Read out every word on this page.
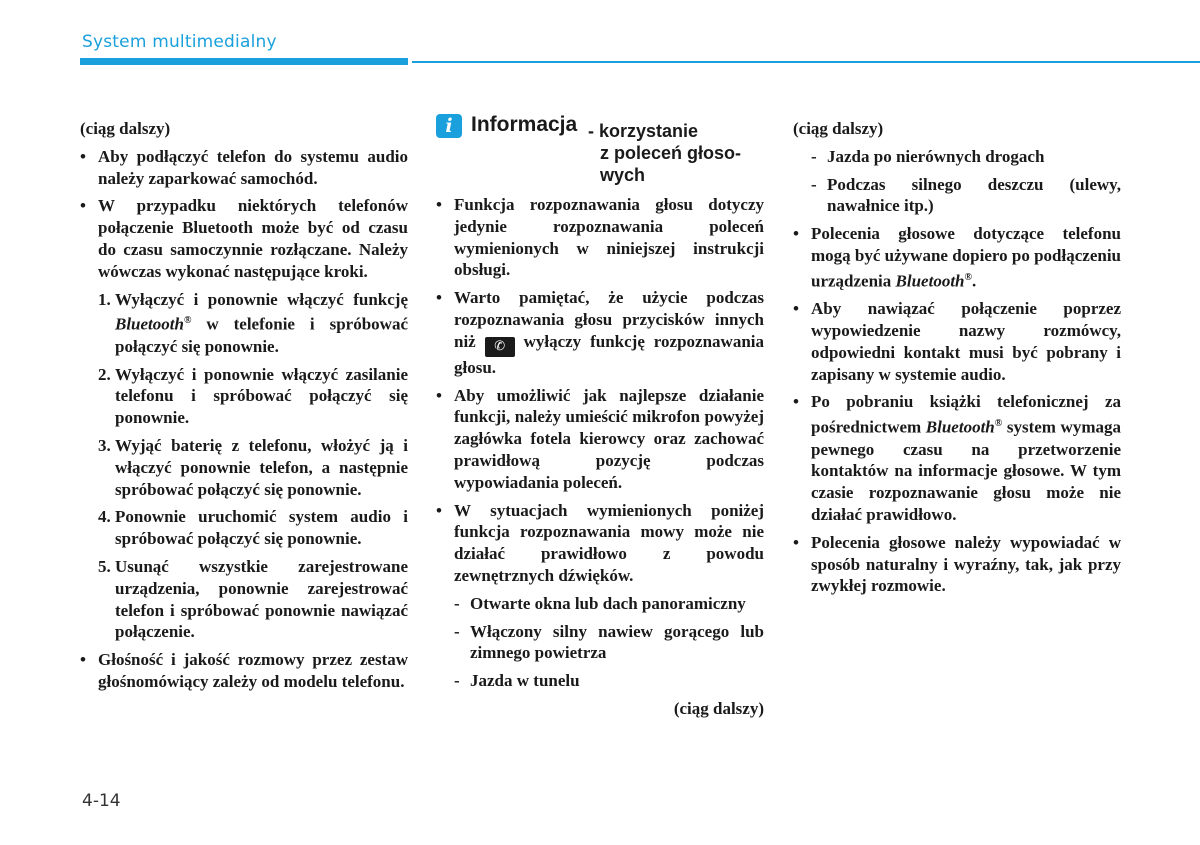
System multimedialny

(ciąg dalszy)

• Aby podłączyć telefon do systemu audio należy zaparkować samochód.

• W przypadku niektórych telefonów połączenie Bluetooth może być od czasu do czasu samoczynnie rozłączane. Należy wówczas wykonać następujące kroki.

1. Wyłączyć i ponownie włączyć funkcję Bluetooth® w telefonie i spróbować połączyć się ponownie.

2. Wyłączyć i ponownie włączyć zasilanie telefonu i spróbować połączyć się ponownie.

3. Wyjąć baterię z telefonu, włożyć ją i włączyć ponownie telefon, a następnie spróbować połączyć się ponownie.

4. Ponownie uruchomić system audio i spróbować połączyć się ponownie.

5. Usunąć wszystkie zarejestrowane urządzenia, ponownie zarejestrować telefon i spróbować ponownie nawiązać połączenie.

• Głośność i jakość rozmowy przez zestaw głośnomówiący zależy od modelu telefonu.

i Informacja - korzystanie
z poleceń głoso-
wych

• Funkcja rozpoznawania głosu dotyczy jedynie rozpoznawania poleceń wymienionych w niniejszej instrukcji obsługi.

• Warto pamiętać, że użycie podczas rozpoznawania głosu przycisków innych niż ✆ wyłączy funkcję rozpoznawania głosu.

• Aby umożliwić jak najlepsze działanie funkcji, należy umieścić mikrofon powyżej zagłówka fotela kierowcy oraz zachować prawidłową pozycję podczas wypowiadania poleceń.

• W sytuacjach wymienionych poniżej funkcja rozpoznawania mowy może nie działać prawidłowo z powodu zewnętrznych dźwięków.

- Otwarte okna lub dach panoramiczny

- Włączony silny nawiew gorącego lub zimnego powietrza

- Jazda w tunelu

(ciąg dalszy)

(ciąg dalszy)

- Jazda po nierównych drogach

- Podczas silnego deszczu (ulewy, nawałnice itp.)

• Polecenia głosowe dotyczące telefonu mogą być używane dopiero po podłączeniu urządzenia Bluetooth®.

• Aby nawiązać połączenie poprzez wypowiedzenie nazwy rozmówcy, odpowiedni kontakt musi być pobrany i zapisany w systemie audio.

• Po pobraniu książki telefonicznej za pośrednictwem Bluetooth® system wymaga pewnego czasu na przetworzenie kontaktów na informacje głosowe. W tym czasie rozpoznawanie głosu może nie działać prawidłowo.

• Polecenia głosowe należy wypowiadać w sposób naturalny i wyraźny, tak, jak przy zwykłej rozmowie.

4-14
